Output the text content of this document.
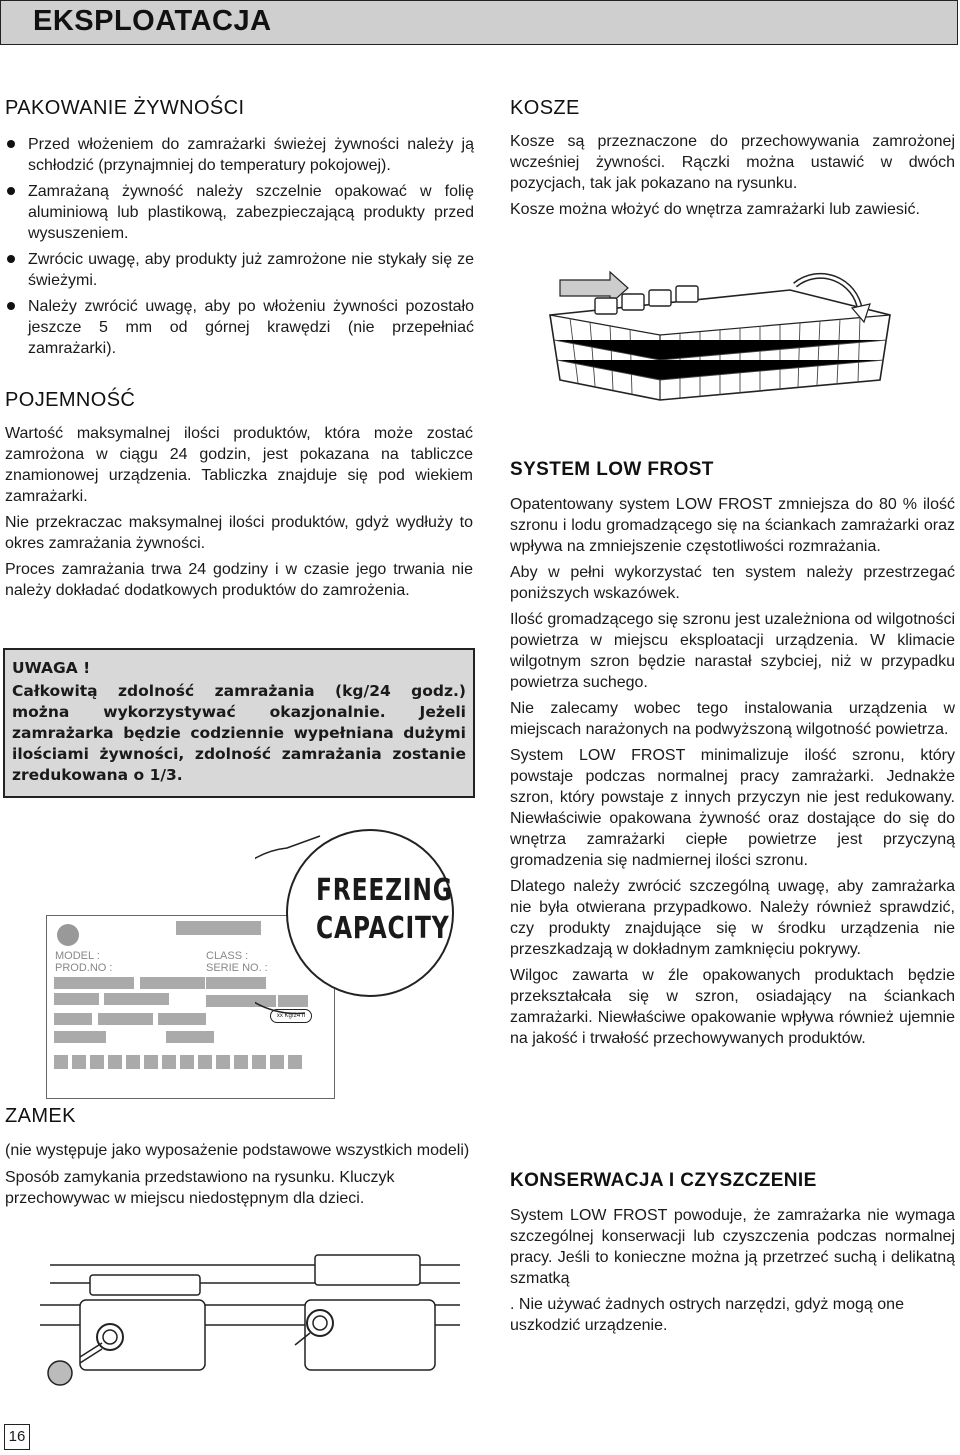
EKSPLOATACJA
PAKOWANIE ŻYWNOŚCI
Przed włożeniem do zamrażarki świeżej żywności należy ją schłodzić (przynajmniej do temperatury pokojowej).
Zamrażaną żywność należy szczelnie opakować w folię aluminiową lub plastikową, zabezpieczającą produkty przed wysuszeniem.
Zwrócic uwagę, aby produkty już zamrożone nie stykały się ze świeżymi.
Należy zwrócić uwagę, aby po włożeniu żywności pozostało jeszcze 5 mm od górnej krawędzi (nie przepełniać zamrażarki).
POJEMNOŚĆ

Wartość maksymalnej ilości produktów, która może zostać zamrożona w ciągu 24 godzin, jest pokazana na tabliczce znamionowej urządzenia. Tabliczka znajduje się pod wiekiem zamrażarki.

Nie przekraczac maksymalnej ilości produktów, gdyż wydłuży to okres zamrażania żywności.

Proces zamrażania trwa 24 godziny i w czasie jego trwania nie należy dokładać dodatkowych produktów do zamrożenia.

UWAGA !

Całkowitą zdolność zamrażania (kg/24 godz.) można wykorzystywać okazjonalnie. Jeżeli zamrażarka będzie codziennie wypełniana dużymi ilościami żywności, zdolność zamrażania zostanie zredukowana o 1/3.

MODEL :
PROD.NO :
CLASS :
SERIE NO. :
xx Kg/24 h
FREEZING
CAPACITY
ZAMEK

(nie występuje jako wyposażenie podstawowe wszystkich modeli)

Sposób zamykania przedstawiono na rysunku. Kluczyk przechowywac w miejscu niedostępnym dla dzieci.

16
KOSZE

Kosze są przeznaczone do przechowywania zamrożonej wcześniej żywności. Rączki można ustawić w dwóch pozycjach, tak jak pokazano na rysunku.

Kosze można włożyć do wnętrza zamrażarki lub zawiesić.

SYSTEM LOW FROST

Opatentowany system LOW FROST zmniejsza do 80 % ilość szronu i lodu gromadzącego się na ściankach zamrażarki oraz wpływa na zmniejszenie częstotliwości rozmrażania.

Aby w pełni wykorzystać ten system należy przestrzegać poniższych wskazówek.

Ilość gromadzącego się szronu jest uzależniona od wilgotności powietrza w miejscu eksploatacji urządzenia. W klimacie wilgotnym szron będzie narastał szybciej, niż w przypadku powietrza suchego.

Nie zalecamy wobec tego instalowania urządzenia w miejscach narażonych na podwyższoną wilgotność powietrza.

System LOW FROST minimalizuje ilość szronu, który powstaje podczas normalnej pracy zamrażarki. Jednakże szron, który powstaje z innych przyczyn nie jest redukowany. Niewłaściwie opakowana żywność oraz dostające do się do wnętrza zamrażarki ciepłe powietrze jest przyczyną gromadzenia się nadmiernej ilości szronu.

Dlatego należy zwrócić szczególną uwagę, aby zamrażarka nie była otwierana przypadkowo. Należy również sprawdzić, czy produkty znajdujące się w środku urządzenia nie przeszkadzają w dokładnym zamknięciu pokrywy.

Wilgoc zawarta w źle opakowanych produktach będzie przekształcała się w szron, osiadający na ściankach zamrażarki. Niewłaściwe opakowanie wpływa również ujemnie na jakość i trwałość przechowywanych produktów.

KONSERWACJA I CZYSZCZENIE

System LOW FROST powoduje, że zamrażarka nie wymaga szczególnej konserwacji lub czyszczenia podczas normalnej pracy. Jeśli to konieczne można ją przetrzeć suchą i delikatną szmatką

. Nie używać żadnych ostrych narzędzi, gdyż mogą one uszkodzić urządzenie.
